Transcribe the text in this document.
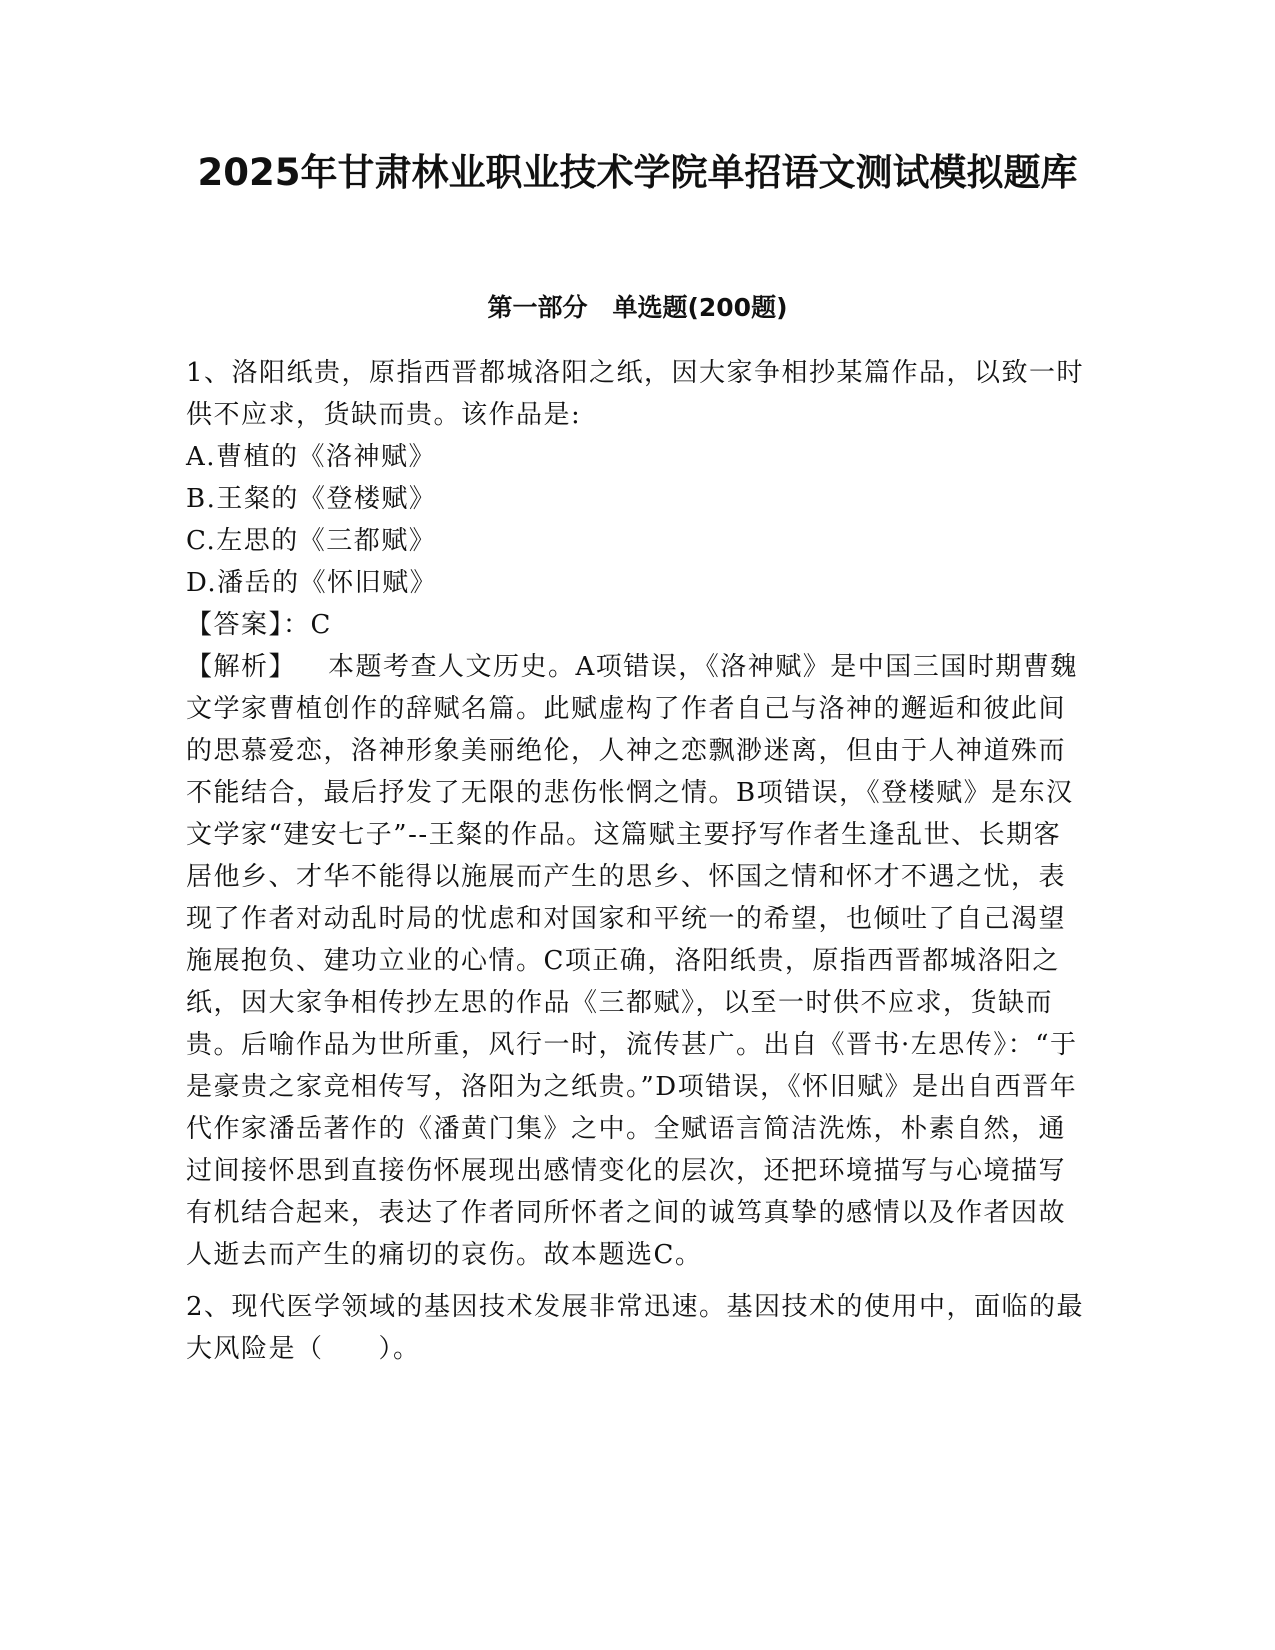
2025年甘肃林业职业技术学院单招语文测试模拟题库
第一部分　单选题(200题)

1、洛阳纸贵，原指西晋都城洛阳之纸，因大家争相抄某篇作品，以致一时供不应求，货缺而贵。该作品是:

A.曹植的《洛神赋》

B.王粲的《登楼赋》

C.左思的《三都赋》

D.潘岳的《怀旧赋》

【答案】：C

【解析】 本题考查人文历史。A项错误，《洛神赋》是中国三国时期曹魏文学家曹植创作的辞赋名篇。此赋虚构了作者自己与洛神的邂逅和彼此间的思慕爱恋，洛神形象美丽绝伦，人神之恋飘渺迷离，但由于人神道殊而不能结合，最后抒发了无限的悲伤怅惘之情。B项错误，《登楼赋》是东汉文学家“建安七子”--王粲的作品。这篇赋主要抒写作者生逢乱世、长期客居他乡、才华不能得以施展而产生的思乡、怀国之情和怀才不遇之忧，表现了作者对动乱时局的忧虑和对国家和平统一的希望，也倾吐了自己渴望施展抱负、建功立业的心情。C项正确，洛阳纸贵，原指西晋都城洛阳之纸，因大家争相传抄左思的作品《三都赋》，以至一时供不应求，货缺而贵。后喻作品为世所重，风行一时，流传甚广。出自《晋书·左思传》：“于是豪贵之家竞相传写，洛阳为之纸贵。”D项错误，《怀旧赋》是出自西晋年代作家潘岳著作的《潘黄门集》之中。全赋语言简洁洗炼，朴素自然，通过间接怀思到直接伤怀展现出感情变化的层次，还把环境描写与心境描写有机结合起来，表达了作者同所怀者之间的诚笃真挚的感情以及作者因故人逝去而产生的痛切的哀伤。故本题选C。

2、现代医学领域的基因技术发展非常迅速。基因技术的使用中，面临的最大风险是（　　）。
